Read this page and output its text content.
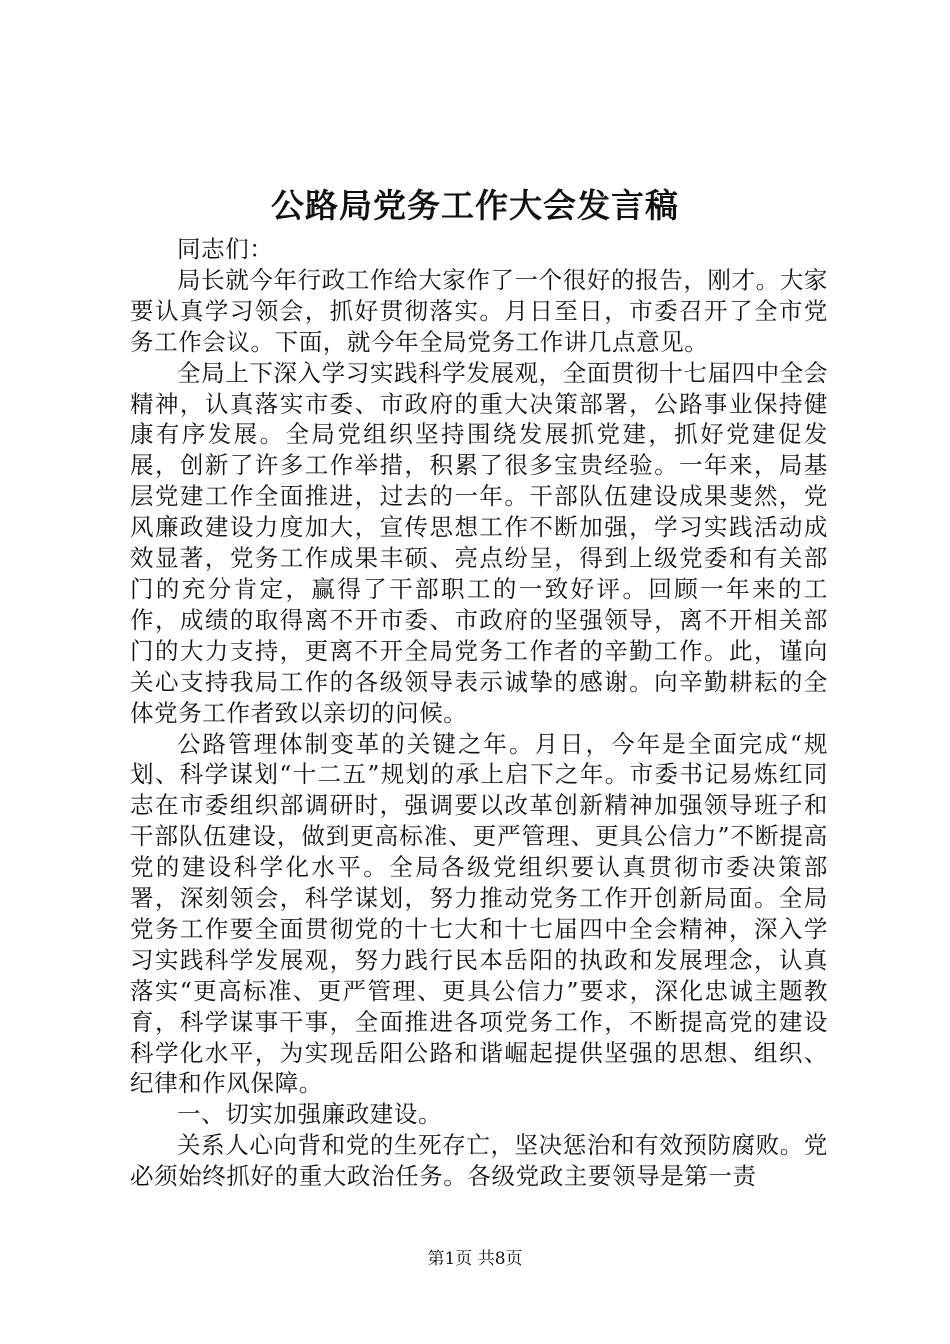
公路局党务工作大会发言稿

同志们：

局长就今年行政工作给大家作了一个很好的报告，刚才。大家要认真学习领会，抓好贯彻落实。月日至日，市委召开了全市党务工作会议。下面，就今年全局党务工作讲几点意见。

全局上下深入学习实践科学发展观，全面贯彻十七届四中全会精神，认真落实市委、市政府的重大决策部署，公路事业保持健康有序发展。全局党组织坚持围绕发展抓党建，抓好党建促发展，创新了许多工作举措，积累了很多宝贵经验。一年来，局基层党建工作全面推进，过去的一年。干部队伍建设成果斐然，党风廉政建设力度加大，宣传思想工作不断加强，学习实践活动成效显著，党务工作成果丰硕、亮点纷呈，得到上级党委和有关部门的充分肯定，赢得了干部职工的一致好评。回顾一年来的工作，成绩的取得离不开市委、市政府的坚强领导，离不开相关部门的大力支持，更离不开全局党务工作者的辛勤工作。此，谨向关心支持我局工作的各级领导表示诚挚的感谢。向辛勤耕耘的全体党务工作者致以亲切的问候。

公路管理体制变革的关键之年。月日，今年是全面完成“规划、科学谋划“十二五”规划的承上启下之年。市委书记易炼红同志在市委组织部调研时，强调要以改革创新精神加强领导班子和干部队伍建设，做到更高标准、更严管理、更具公信力”不断提高党的建设科学化水平。全局各级党组织要认真贯彻市委决策部署，深刻领会，科学谋划，努力推动党务工作开创新局面。全局党务工作要全面贯彻党的十七大和十七届四中全会精神，深入学习实践科学发展观，努力践行民本岳阳的执政和发展理念，认真落实“更高标准、更严管理、更具公信力”要求，深化忠诚主题教育，科学谋事干事，全面推进各项党务工作，不断提高党的建设科学化水平，为实现岳阳公路和谐崛起提供坚强的思想、组织、纪律和作风保障。

一、切实加强廉政建设。

关系人心向背和党的生死存亡，坚决惩治和有效预防腐败。党必须始终抓好的重大政治任务。各级党政主要领导是第一责

第1页 共8页
